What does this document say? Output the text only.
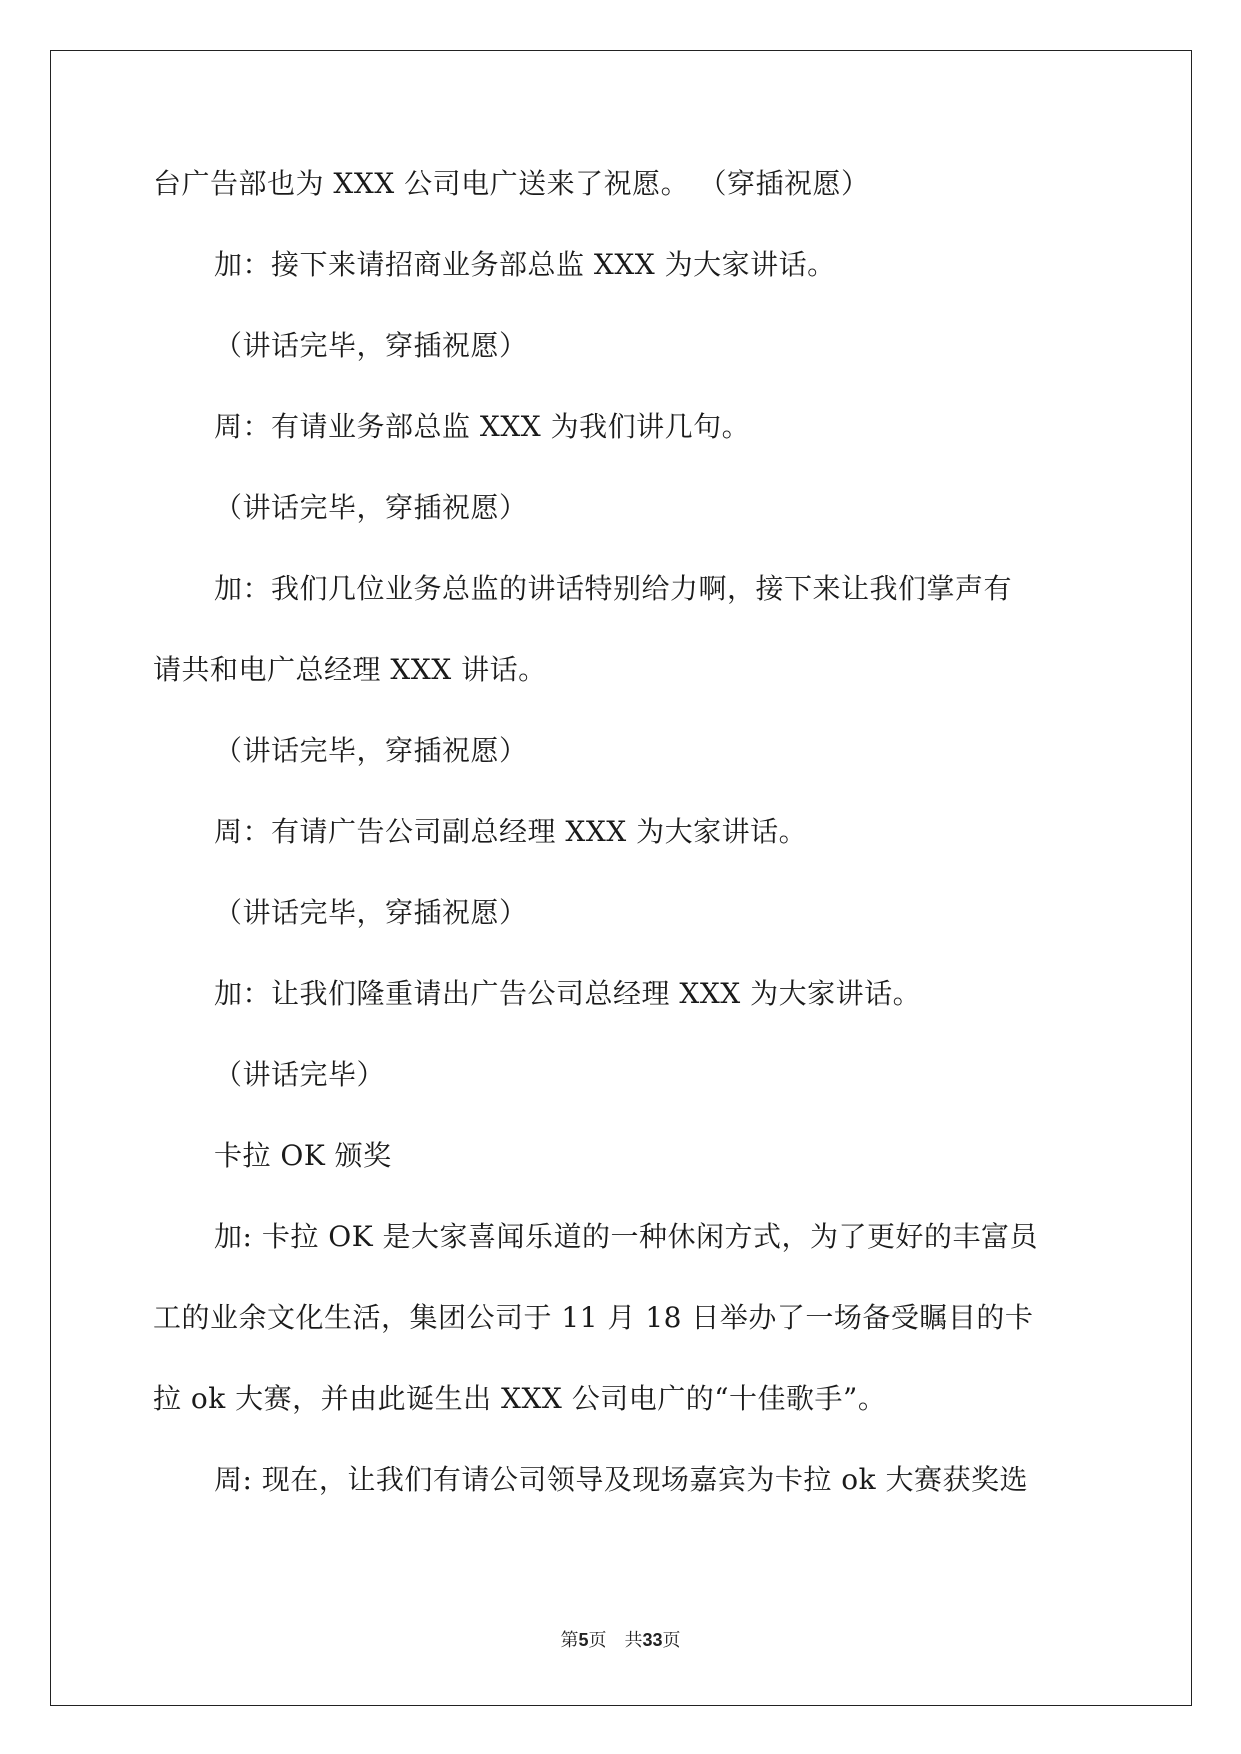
台广告部也为 XXX 公司电广送来了祝愿。 （穿插祝愿）
加：接下来请招商业务部总监 XXX 为大家讲话。
（讲话完毕，穿插祝愿）
周：有请业务部总监 XXX 为我们讲几句。
（讲话完毕，穿插祝愿）
加：我们几位业务总监的讲话特别给力啊，接下来让我们掌声有
请共和电广总经理 XXX 讲话。
（讲话完毕，穿插祝愿）
周：有请广告公司副总经理 XXX 为大家讲话。
（讲话完毕，穿插祝愿）
加：让我们隆重请出广告公司总经理 XXX 为大家讲话。
（讲话完毕）
卡拉 OK 颁奖
加: 卡拉 OK 是大家喜闻乐道的一种休闲方式，为了更好的丰富员
工的业余文化生活，集团公司于 11 月 18 日举办了一场备受瞩目的卡
拉 ok 大赛，并由此诞生出 XXX 公司电广的“十佳歌手”。
周: 现在，让我们有请公司领导及现场嘉宾为卡拉 ok 大赛获奖选
第5页 共33页
